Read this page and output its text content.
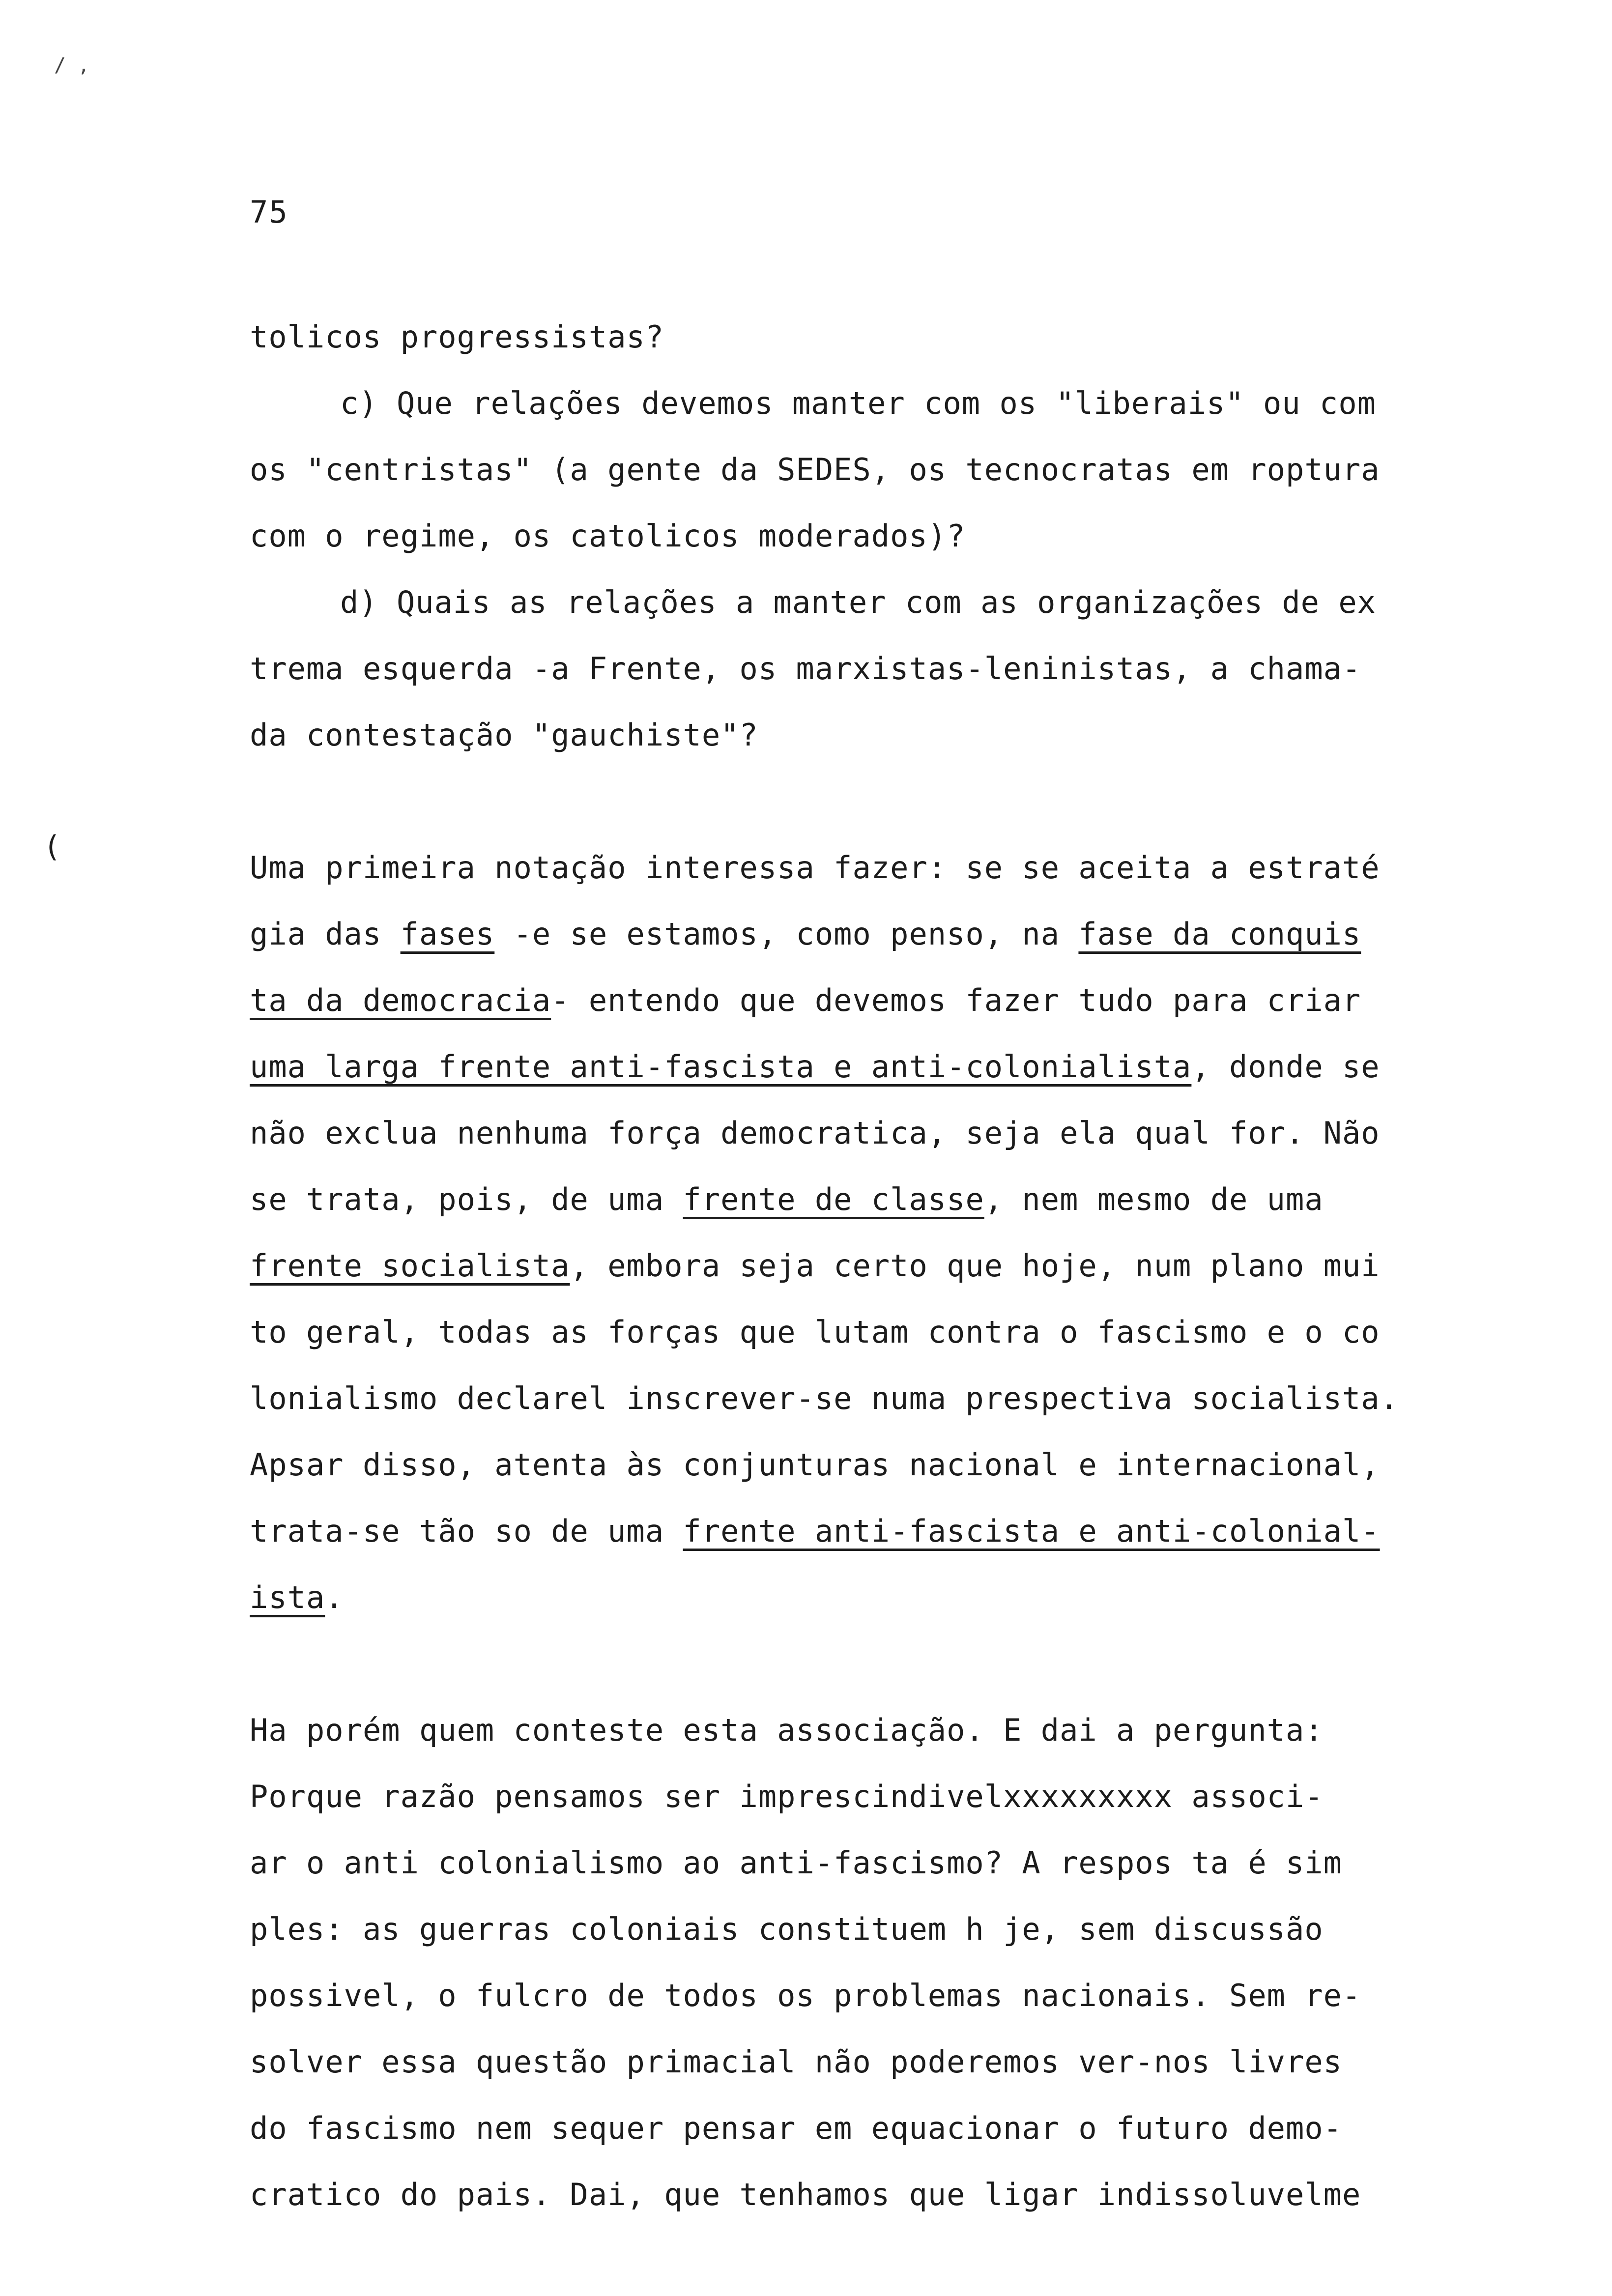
/ ,
75
(
tolicos progressistas?
c) Que relações devemos manter com os "liberais" ou com
os "centristas" (a gente da SEDES, os tecnocratas em roptura
com o regime, os catolicos moderados)?
d) Quais as relações a manter com as organizações de ex
trema esquerda -a Frente, os marxistas-leninistas, a chama-
da contestação "gauchiste"?
Uma primeira notação interessa fazer: se se aceita a estraté
gia das fases -e se estamos, como penso, na fase da conquis
ta da democracia- entendo que devemos fazer tudo para criar
uma larga frente anti-fascista e anti-colonialista, donde se
não exclua nenhuma força democratica, seja ela qual for. Não
se trata, pois, de uma frente de classe, nem mesmo de uma
frente socialista, embora seja certo que hoje, num plano mui
to geral, todas as forças que lutam contra o fascismo e o co
lonialismo declarel inscrever-se numa prespectiva socialista.
Apsar disso, atenta às conjunturas nacional e internacional,
trata-se tão so de uma frente anti-fascista e anti-colonial-
ista.
Ha porém quem conteste esta associação. E dai a pergunta:
Porque razão pensamos ser imprescindivelxxxxxxxxx associ-
ar o anti colonialismo ao anti-fascismo? A respos ta é sim
ples: as guerras coloniais constituem h je, sem discussão
possivel, o fulcro de todos os problemas nacionais. Sem re-
solver essa questão primacial não poderemos ver-nos livres
do fascismo nem sequer pensar em equacionar o futuro demo-
cratico do pais. Dai, que tenhamos que ligar indissoluvelme
